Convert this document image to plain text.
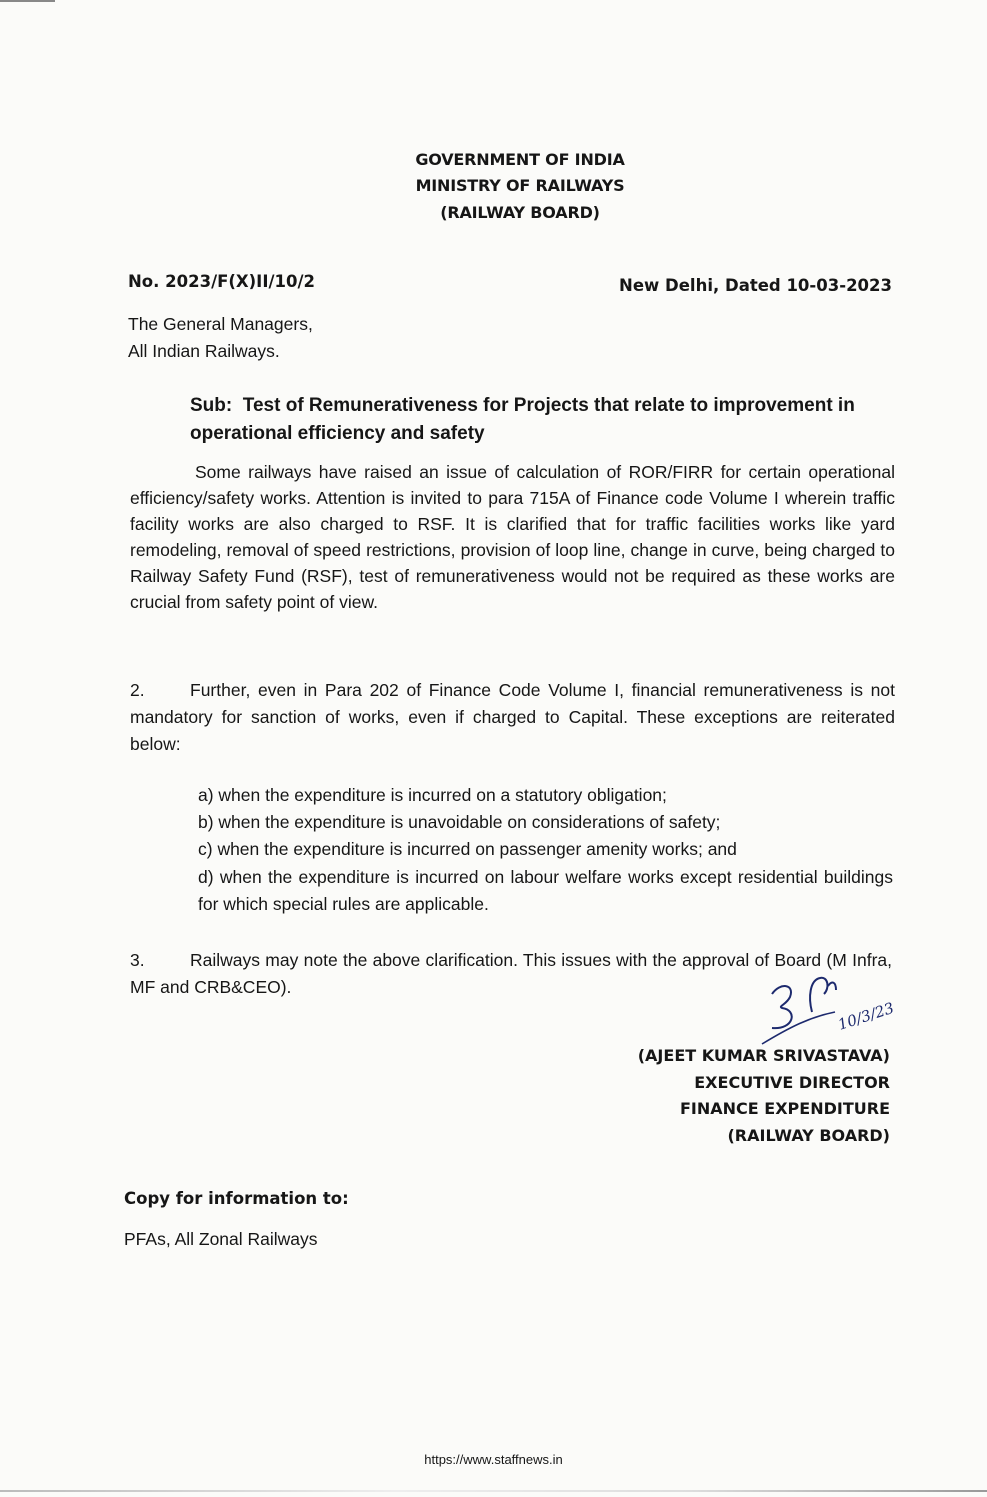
GOVERNMENT OF INDIA
MINISTRY OF RAILWAYS
(RAILWAY BOARD)
No. 2023/F(X)II/10/2	New Delhi, Dated 10-03-2023
The General Managers,
All Indian Railways.
Sub: Test of Remunerativeness for Projects that relate to improvement in operational efficiency and safety
Some railways have raised an issue of calculation of ROR/FIRR for certain operational efficiency/safety works. Attention is invited to para 715A of Finance code Volume I wherein traffic facility works are also charged to RSF. It is clarified that for traffic facilities works like yard remodeling, removal of speed restrictions, provision of loop line, change in curve, being charged to Railway Safety Fund (RSF), test of remunerativeness would not be required as these works are crucial from safety point of view.
2.	Further, even in Para 202 of Finance Code Volume I, financial remunerativeness is not mandatory for sanction of works, even if charged to Capital. These exceptions are reiterated below:
a) when the expenditure is incurred on a statutory obligation;
b) when the expenditure is unavoidable on considerations of safety;
c) when the expenditure is incurred on passenger amenity works; and
d) when the expenditure is incurred on labour welfare works except residential buildings for which special rules are applicable.
3.	Railways may note the above clarification. This issues with the approval of Board (M Infra, MF and CRB&CEO).
10/3/23
(AJEET KUMAR SRIVASTAVA)
EXECUTIVE DIRECTOR
FINANCE EXPENDITURE
(RAILWAY BOARD)
Copy for information to:
PFAs, All Zonal Railways
https://www.staffnews.in
